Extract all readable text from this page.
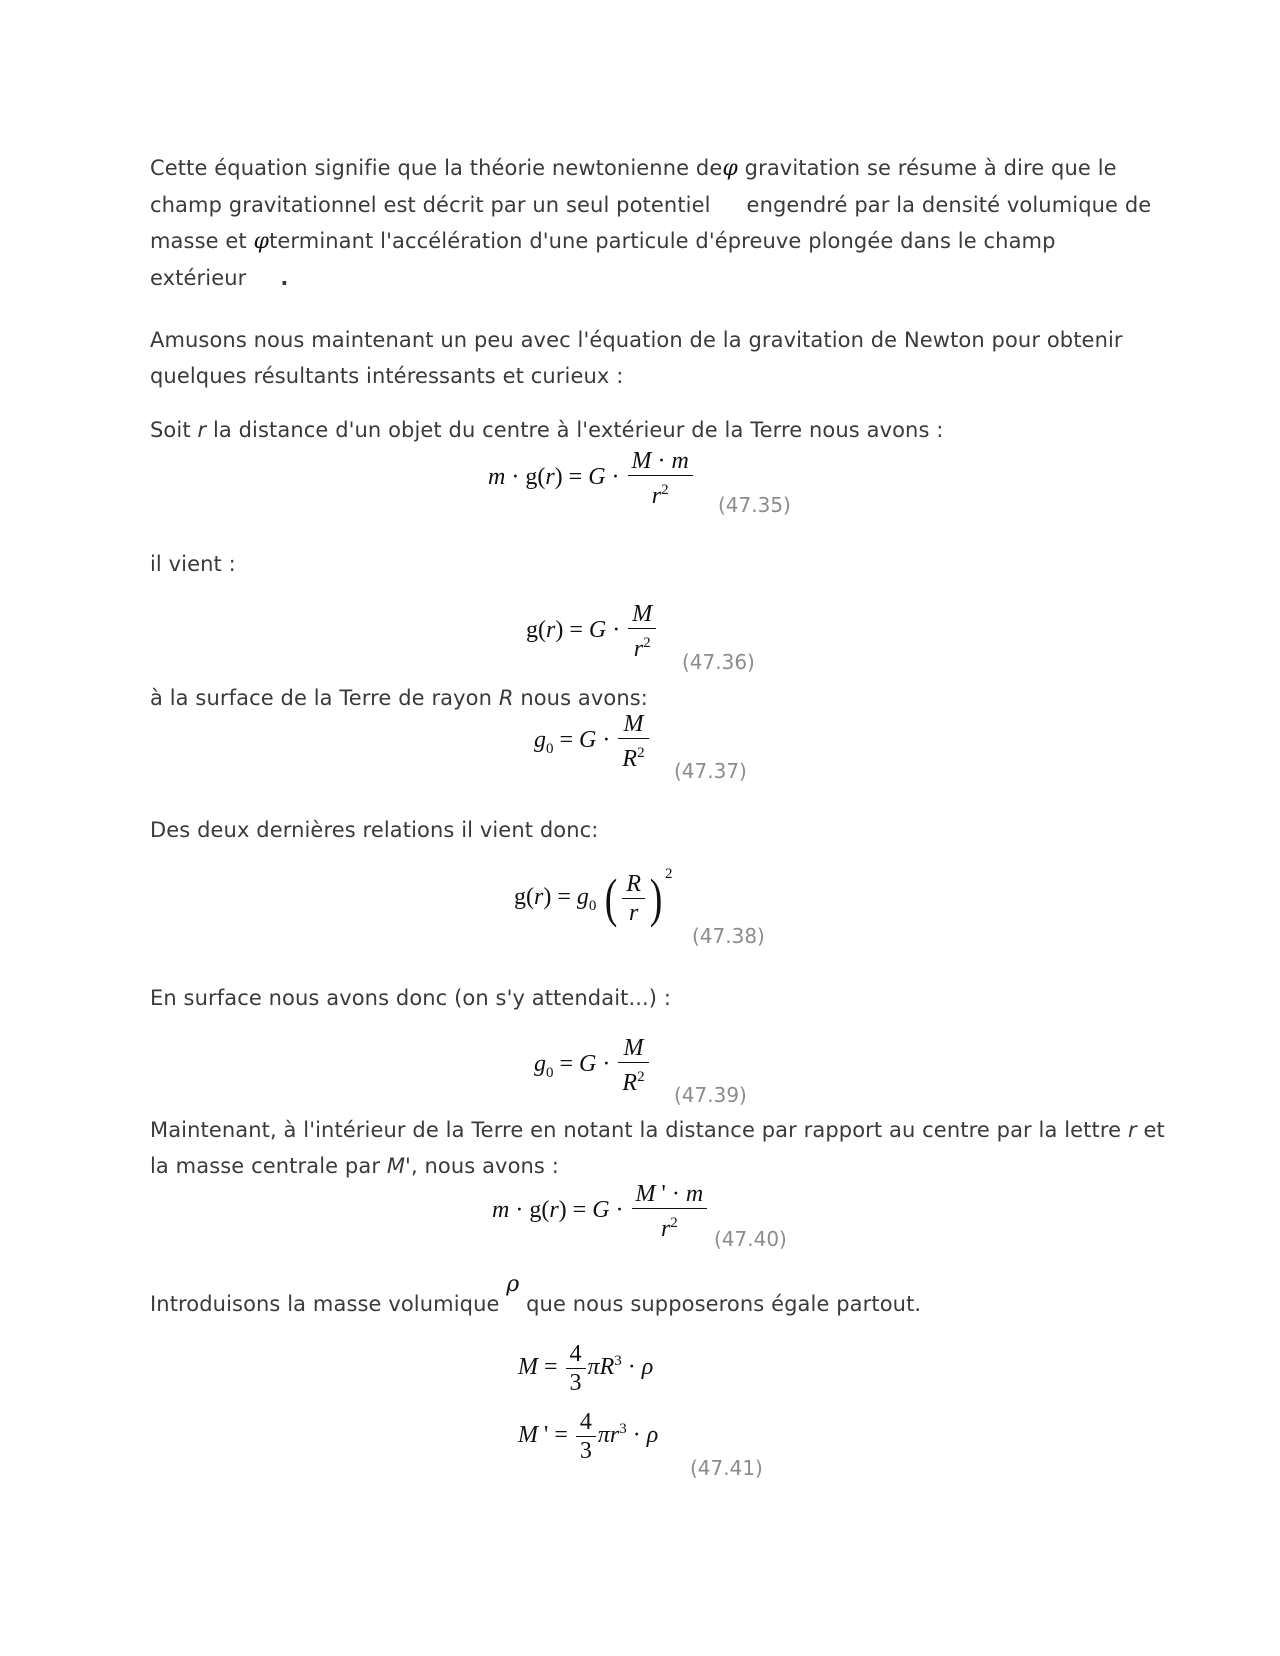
Cette équation signifie que la théorie newtonienne deφ gravitation se résume à dire que le
champ gravitationnel est décrit par un seul potentiel engendré par la densité volumique de
masse et φterminant l'accélération d'une particule d'épreuve plongée dans le champ
extérieur .
Amusons nous maintenant un peu avec l'équation de la gravitation de Newton pour obtenir
quelques résultants intéressants et curieux :
Soit r la distance d'un objet du centre à l'extérieur de la Terre nous avons :
$m \cdot g(r) = G \cdot \frac{M \cdot m}{r^2} (47.35)$
il vient :
$g(r) = G \cdot \frac{M}{r^2} (47.36)$
à la surface de la Terre de rayon R nous avons:
$g_0 = G \cdot \frac{M}{R^2} (47.37)$
Des deux dernières relations il vient donc:
$g(r) = g_0$ ( $\frac{R}{r}$ ) $^2$
(47.38)
En surface nous avons donc (on s'y attendait...) :
$g_0 = G \cdot \frac{M}{R^2} (47.39)$
Maintenant, à l'intérieur de la Terre en notant la distance par rapport au centre par la lettre r et
la masse centrale par M', nous avons :
$m \cdot g(r) = G \cdot \frac{M ' \cdot m}{r^2} (47.40)$
Introduisons la masse volumique ρ que nous supposerons égale partout.
$M = \frac{4}{3} \pi R^3 \cdot \rho$
M ' = $\frac{4}{3} \pi r^3 \cdot \rho$
(47.41)
